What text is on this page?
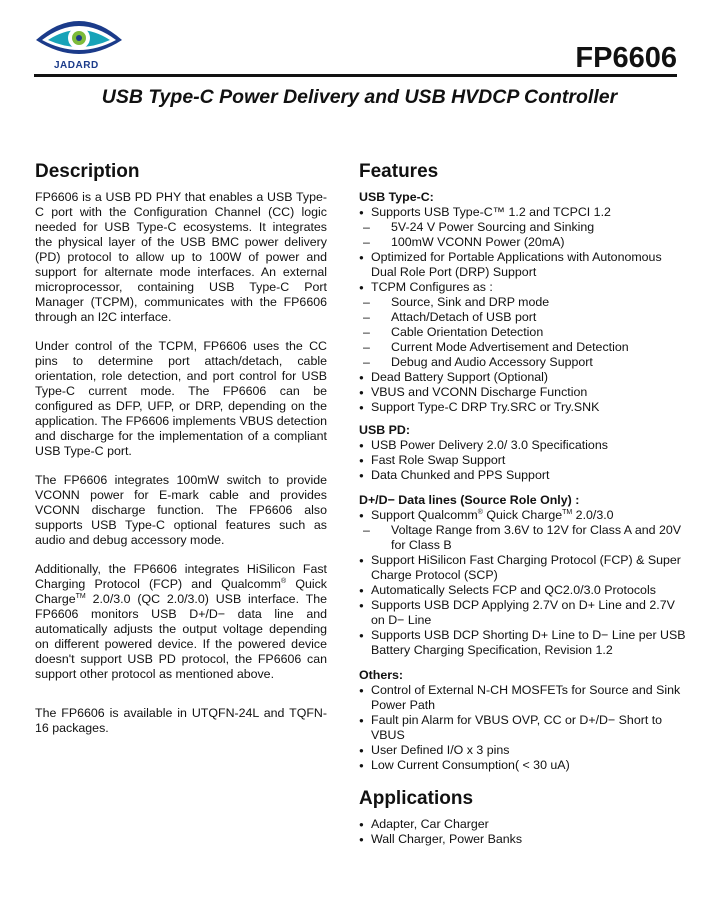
JADARD	FP6606
USB Type-C Power Delivery and USB HVDCP Controller
Description

FP6606 is a USB PD PHY that enables a USB Type-C port with the Configuration Channel (CC) logic needed for USB Type-C ecosystems. It integrates the physical layer of the USB BMC power delivery (PD) protocol to allow up to 100W of power and support for alternate mode interfaces. An external microprocessor, containing USB Type-C Port Manager (TCPM), communicates with the FP6606 through an I2C interface.

Under control of the TCPM, FP6606 uses the CC pins to determine port attach/detach, cable orientation, role detection, and port control for USB Type-C current mode. The FP6606 can be configured as DFP, UFP, or DRP, depending on the application. The FP6606 implements VBUS detection and discharge for the implementation of a compliant USB Type-C port.

The FP6606 integrates 100mW switch to provide VCONN power for E-mark cable and provides VCONN discharge function. The FP6606 also supports USB Type-C optional features such as audio and debug accessory mode.

Additionally, the FP6606 integrates HiSilicon Fast Charging Protocol (FCP) and Qualcomm® Quick Charge™ 2.0/3.0 (QC 2.0/3.0) USB interface. The FP6606 monitors USB D+/D− data line and automatically adjusts the output voltage depending on different powered device. If the powered device doesn't support USB PD protocol, the FP6606 can support other protocol as mentioned above.

The FP6606 is available in UTQFN-24L and TQFN-16 packages.

Features

USB Type-C:

● Supports USB Type-C™ 1.2 and TCPCI 1.2

– 5V-24 V Power Sourcing and Sinking

– 100mW VCONN Power (20mA)

● Optimized for Portable Applications with Autonomous Dual Role Port (DRP) Support

● TCPM Configures as :

– Source, Sink and DRP mode

– Attach/Detach of USB port

– Cable Orientation Detection

– Current Mode Advertisement and Detection

– Debug and Audio Accessory Support

● Dead Battery Support (Optional)

● VBUS and VCONN Discharge Function

● Support Type-C DRP Try.SRC or Try.SNK

USB PD:

● USB Power Delivery 2.0/ 3.0 Specifications

● Fast Role Swap Support

● Data Chunked and PPS Support

D+/D− Data lines (Source Role Only) :

● Support Qualcomm® Quick Charge™ 2.0/3.0

– Voltage Range from 3.6V to 12V for Class A and 20V for Class B

● Support HiSilicon Fast Charging Protocol (FCP) & Super Charge Protocol (SCP)

● Automatically Selects FCP and QC2.0/3.0 Protocols

● Supports USB DCP Applying 2.7V on D+ Line and 2.7V on D− Line

● Supports USB DCP Shorting D+ Line to D− Line per USB Battery Charging Specification, Revision 1.2

Others:

● Control of External N-CH MOSFETs for Source and Sink Power Path

● Fault pin Alarm for VBUS OVP, CC or D+/D− Short to VBUS

● User Defined I/O x 3 pins

● Low Current Consumption( < 30 uA)

Applications

● Adapter, Car Charger

● Wall Charger, Power Banks
